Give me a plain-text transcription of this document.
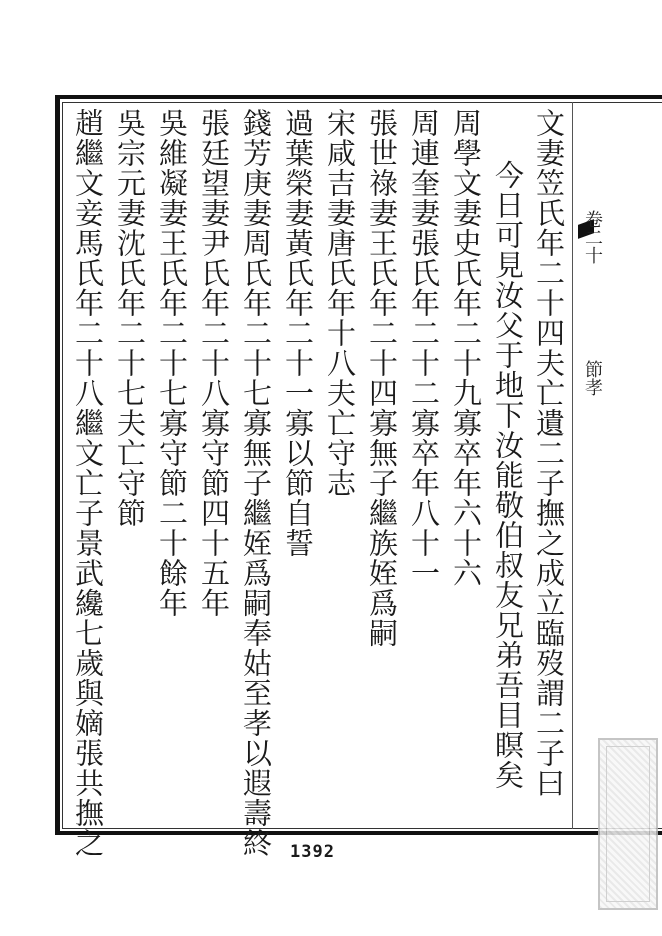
卷二十
節孝
文妻笠氏年二十四夫亡遺二子撫之成立臨歿謂二子曰
今日可見汝父于地下汝能敬伯叔友兄弟吾目瞑矣
周學文妻史氏年二十九寡卒年六十六
周連奎妻張氏年二十二寡卒年八十一
張世祿妻王氏年二十四寡無子繼族姪爲嗣
宋咸吉妻唐氏年十八夫亡守志
過葉榮妻黃氏年二十一寡以節自誓
錢芳庚妻周氏年二十七寡無子繼姪爲嗣奉姑至孝以遐壽終
張廷望妻尹氏年二十八寡守節四十五年
吳維凝妻王氏年二十七寡守節二十餘年
吳宗元妻沈氏年二十七夫亡守節
趙繼文妾馬氏年二十八繼文亡子景武纔七歲與嫡張共撫之	1392
